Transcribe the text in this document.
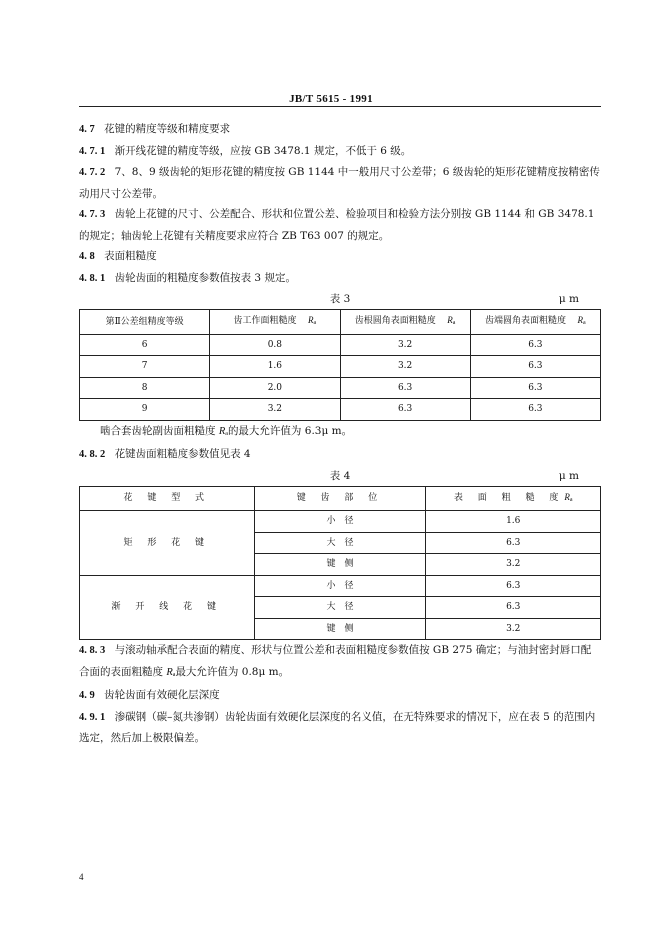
JB/T 5615 - 1991

4. 7 花键的精度等级和精度要求

4. 7. 1 渐开线花键的精度等级，应按 GB 3478.1 规定，不低于 6 级。

4. 7. 2 7、8、9 级齿轮的矩形花键的精度按 GB 1144 中一般用尺寸公差带；6 级齿轮的矩形花键精度按精密传动用尺寸公差带。

4. 7. 3 齿轮上花键的尺寸、公差配合、形状和位置公差、检验项目和检验方法分别按 GB 1144 和 GB 3478.1 的规定；轴齿轮上花键有关精度要求应符合 ZB T63 007 的规定。

4. 8 表面粗糙度

4. 8. 1 齿轮齿面的粗糙度参数值按表 3 规定。

表 3	μ m
第Ⅱ公差组精度等级	齿工作面粗糙度 Ra	齿根圆角表面粗糙度 Ra	齿端圆角表面粗糙度 Ra
6	0.8	3.2	6.3
7	1.6	3.2	6.3
8	2.0	6.3	6.3
9	3.2	6.3	6.3

啮合套齿轮副齿面粗糙度 Ra的最大允许值为 6.3μ m。

4. 8. 2 花键齿面粗糙度参数值见表 4

表 4	μ m
花 键 型 式	键 齿 部 位	表 面 粗 糙 度Ra
矩 形 花 键	小　径	1.6
	大　径	6.3
	键　侧	3.2
渐 开 线 花 键	小　径	6.3
	大　径	6.3
	键　侧	3.2

4. 8. 3 与滚动轴承配合表面的精度、形状与位置公差和表面粗糙度参数值按 GB 275 确定；与油封密封唇口配合面的表面粗糙度 Ra最大允许值为 0.8μ m。

4. 9 齿轮齿面有效硬化层深度

4. 9. 1 渗碳钢（碳–氮共渗钢）齿轮齿面有效硬化层深度的名义值，在无特殊要求的情况下，应在表 5 的范围内选定，然后加上极限偏差。

4
